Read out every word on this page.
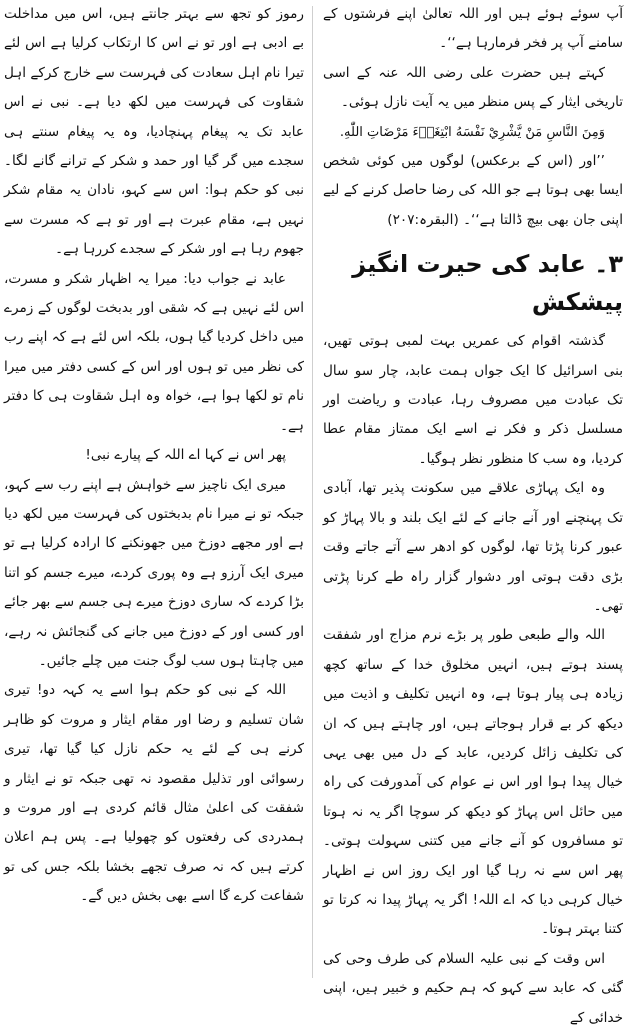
آپ سوئے ہوئے ہیں اور اللہ تعالیٰ اپنے فرشتوں کے سامنے آپ پر فخر فرمارہا ہے‘‘۔

کہتے ہیں حضرت علی رضی اللہ عنہ کے اسی تاریخی ایثار کے پس منظر میں یہ آیت نازل ہوئی۔

وَمِنَ النَّاسِ مَنْ يَّشْرِيْ نَفْسَهُ ابْتِغَاۗءَ مَرْضَاتِ اللّٰهِ.

’’اور (اس کے برعکس) لوگوں میں کوئی شخص ایسا بھی ہوتا ہے جو اللہ کی رضا حاصل کرنے کے لیے اپنی جان بھی بیچ ڈالتا ہے‘‘۔ (البقرہ:۲۰۷)

۳۔ عابد کی حیرت انگیز پیشکش

گذشتہ اقوام کی عمریں بہت لمبی ہوتی تھیں، بنی اسرائیل کا ایک جواں ہمت عابد، چار سو سال تک عبادت میں مصروف رہا، عبادت و ریاضت اور مسلسل ذکر و فکر نے اسے ایک ممتاز مقام عطا کردیا، وہ سب کا منظور نظر ہوگیا۔

وہ ایک پہاڑی علاقے میں سکونت پذیر تھا، آبادی تک پہنچنے اور آنے جانے کے لئے ایک بلند و بالا پہاڑ کو عبور کرنا پڑتا تھا، لوگوں کو ادھر سے آتے جاتے وقت بڑی دقت ہوتی اور دشوار گزار راہ طے کرنا پڑتی تھی۔

اللہ والے طبعی طور پر بڑے نرم مزاج اور شفقت پسند ہوتے ہیں، انہیں مخلوق خدا کے ساتھ کچھ زیادہ ہی پیار ہوتا ہے، وہ انہیں تکلیف و اذیت میں دیکھ کر بے قرار ہوجاتے ہیں، اور چاہتے ہیں کہ ان کی تکلیف زائل کردیں، عابد کے دل میں بھی یہی خیال پیدا ہوا اور اس نے عوام کی آمدورفت کی راہ میں حائل اس پہاڑ کو دیکھ کر سوچا اگر یہ نہ ہوتا تو مسافروں کو آنے جانے میں کتنی سہولت ہوتی۔ پھر اس سے نہ رہا گیا اور ایک روز اس نے اظہار خیال کرہی دیا کہ اے اللہ! اگر یہ پہاڑ پیدا نہ کرتا تو کتنا بہتر ہوتا۔

اس وقت کے نبی علیہ السلام کی طرف وحی کی گئی کہ عابد سے کہو کہ ہم حکیم و خبیر ہیں، اپنی خدائی کے

رموز کو تجھ سے بہتر جانتے ہیں، اس میں مداخلت بے ادبی ہے اور تو نے اس کا ارتکاب کرلیا ہے اس لئے تیرا نام اہل سعادت کی فہرست سے خارج کرکے اہل شقاوت کی فہرست میں لکھ دیا ہے۔ نبی نے اس عابد تک یہ پیغام پہنچادیا، وہ یہ پیغام سنتے ہی سجدے میں گر گیا اور حمد و شکر کے ترانے گانے لگا۔ نبی کو حکم ہوا: اس سے کہو، نادان یہ مقام شکر نہیں ہے، مقام عبرت ہے اور تو ہے کہ مسرت سے جھوم رہا ہے اور شکر کے سجدے کررہا ہے۔

عابد نے جواب دیا: میرا یہ اظہار شکر و مسرت، اس لئے نہیں ہے کہ شقی اور بدبخت لوگوں کے زمرے میں داخل کردیا گیا ہوں، بلکہ اس لئے ہے کہ اپنے رب کی نظر میں تو ہوں اور اس کے کسی دفتر میں میرا نام تو لکھا ہوا ہے، خواہ وہ اہل شقاوت ہی کا دفتر ہے۔

پھر اس نے کہا اے اللہ کے پیارے نبی!

میری ایک ناچیز سے خواہش ہے اپنے رب سے کہو، جبکہ تو نے میرا نام بدبختوں کی فہرست میں لکھ دیا ہے اور مجھے دوزخ میں جھونکنے کا ارادہ کرلیا ہے تو میری ایک آرزو ہے وہ پوری کردے، میرے جسم کو اتنا بڑا کردے کہ ساری دوزخ میرے ہی جسم سے بھر جائے اور کسی اور کے دوزخ میں جانے کی گنجائش نہ رہے، میں چاہتا ہوں سب لوگ جنت میں چلے جائیں۔

اللہ کے نبی کو حکم ہوا اسے یہ کہہ دو! تیری شان تسلیم و رضا اور مقام ایثار و مروت کو ظاہر کرنے ہی کے لئے یہ حکم نازل کیا گیا تھا، تیری رسوائی اور تذلیل مقصود نہ تھی جبکہ تو نے ایثار و شفقت کی اعلیٰ مثال قائم کردی ہے اور مروت و ہمدردی کی رفعتوں کو چھولیا ہے۔ پس ہم اعلان کرتے ہیں کہ نہ صرف تجھے بخشا بلکہ جس کی تو شفاعت کرے گا اسے بھی بخش دیں گے۔
